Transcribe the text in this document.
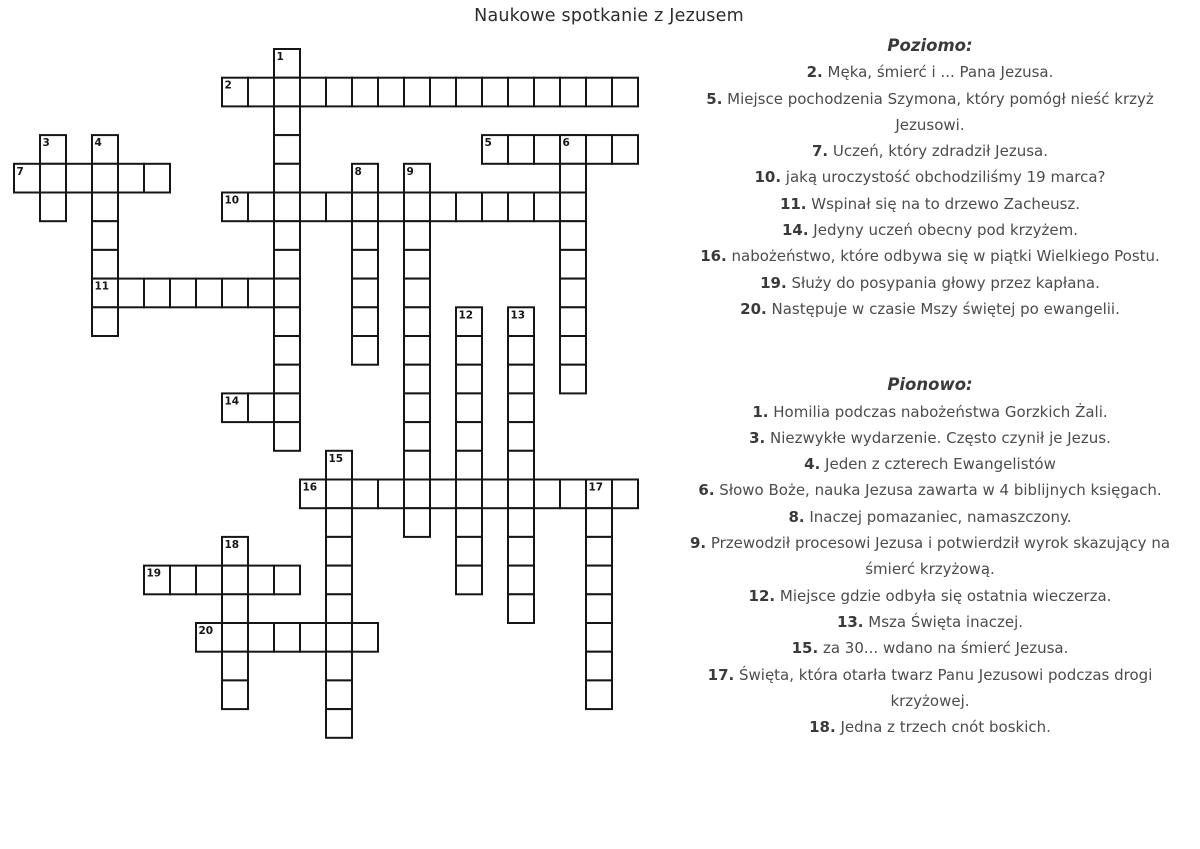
Naukowe spotkanie z Jezusem
2
5
7
10
11
14
16
19
20
1
3	4	6
8	9
12	13
15
17
18
Poziomo:
2. Męka, śmierć i ... Pana Jezusa.
5. Miejsce pochodzenia Szymona, który pomógł nieść krzyż Jezusowi.
7. Uczeń, który zdradził Jezusa.
10. jaką uroczystość obchodziliśmy 19 marca?
11. Wspinał się na to drzewo Zacheusz.
14. Jedyny uczeń obecny pod krzyżem.
16. nabożeństwo, które odbywa się w piątki Wielkiego Postu.
19. Służy do posypania głowy przez kapłana.
20. Następuje w czasie Mszy świętej po ewangelii.
Pionowo:
1. Homilia podczas nabożeństwa Gorzkich Żali.
3. Niezwykłe wydarzenie. Często czynił je Jezus.
4. Jeden z czterech Ewangelistów
6. Słowo Boże, nauka Jezusa zawarta w 4 biblijnych księgach.
8. Inaczej pomazaniec, namaszczony.
9. Przewodził procesowi Jezusa i potwierdził wyrok skazujący na śmierć krzyżową.
12. Miejsce gdzie odbyła się ostatnia wieczerza.
13. Msza Święta inaczej.
15. za 30... wdano na śmierć Jezusa.
17. Święta, która otarła twarz Panu Jezusowi podczas drogi krzyżowej.
18. Jedna z trzech cnót boskich.
